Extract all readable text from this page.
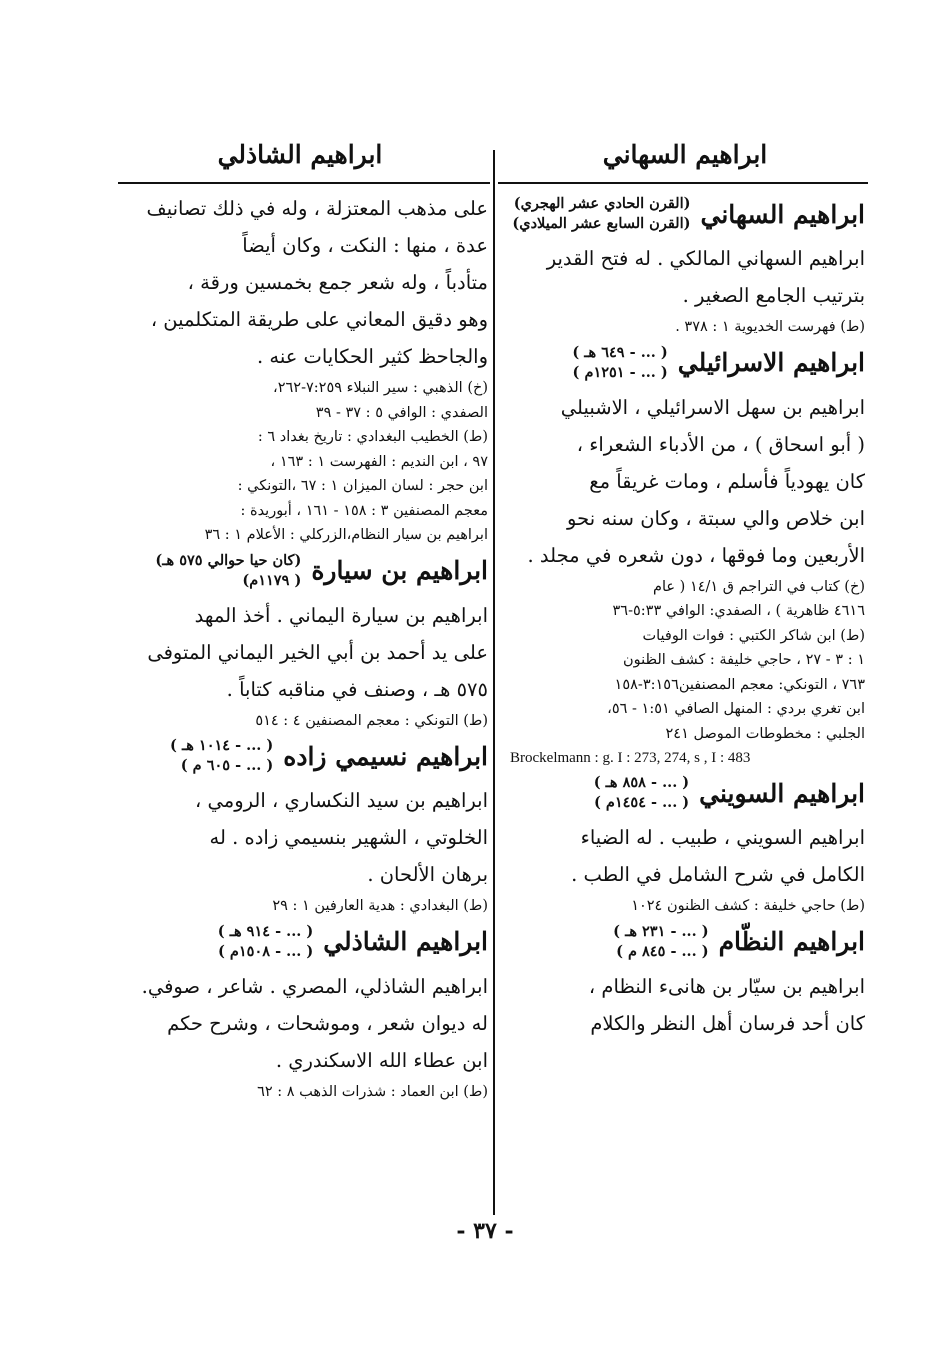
ابراهيم السهاني
ابراهيم الشاذلي
ابراهيم السهاني
(القرن الحادي عشر الهجري)
(القرن السابع عشر الميلادي)

ابراهيم السهاني المالكي . له فتح القدير

بترتيب الجامع الصغير .

(ط) فهرست الخديوية ١ : ٣٧٨ .

ابراهيم الاسرائيلي
( ... - ٦٤٩ هـ )
( ... - ١٢٥١م )

ابراهيم بن سهل الاسرائيلي ، الاشبيلي

( أبو اسحاق ) ، من الأدباء الشعراء ،

كان يهودياً فأسلم ، ومات غريقاً مع

ابن خلاص والي سبتة ، وكان سنه نحو

الأربعين وما فوقها ، دون شعره في مجلد .

(خ) كتاب في التراجم ق ١٤/١ ( عام

٤٦١٦ ظاهرية ) ، الصفدي: الوافي ٥:٣٣-٣٦

(ط) ابن شاكر الكتبي : فوات الوفيات

١ : ٣ - ٢٧ ، حاجي خليفة : كشف الظنون

٧٦٣ ، التونكي: معجم المصنفين٣:١٥٦-١٥٨

ابن تغري بردي : المنهل الصافي ١:٥١ - ٥٦،

الجلبي : مخطوطات الموصل ٢٤١

Brockelmann : g. I : 273, 274, s , I : 483

ابراهيم السويني
( ... - ٨٥٨ هـ )
( ... - ١٤٥٤م )

ابراهيم السويني ، طبيب . له الضياء

الكامل في شرح الشامل في الطب .

(ط) حاجي خليفة : كشف الظنون ١٠٢٤

ابراهيم النظّام
( ... - ٢٣١ هـ )
( ... - ٨٤٥ م )

ابراهيم بن سيّار بن هانىء النظام ،

كان أحد فرسان أهل النظر والكلام

على مذهب المعتزلة ، وله في ذلك تصانيف

عدة ، منها : النكت ، وكان أيضاً

متأدباً ، وله شعر جمع بخمسين ورقة ،

وهو دقيق المعاني على طريقة المتكلمين ،

والجاحظ كثير الحكايات عنه .

(خ) الذهبي : سير النبلاء ٧:٢٥٩-٢٦٢،

الصفدي : الوافي ٥ : ٣٧ - ٣٩

(ط) الخطيب البغدادي : تاريخ بغداد ٦ :

٩٧ ، ابن النديم : الفهرست ١ : ١٦٣ ،

ابن حجر : لسان الميزان ١ : ٦٧ ،التونكي :

معجم المصنفين ٣ : ١٥٨ - ١٦١ ، أبوريدة :

ابراهيم بن سيار النظام،الزركلي : الأعلام ١ : ٣٦

ابراهيم بن سيارة
(كان حيا حوالي ٥٧٥ هـ)
( ١١٧٩م)

ابراهيم بن سيارة اليماني . أخذ المهد

على يد أحمد بن أبي الخير اليماني المتوفى

٥٧٥ هـ ، وصنف في مناقبه كتاباً .

(ط) التونكي : معجم المصنفين ٤ : ٥١٤

ابراهيم نسيمي زاده
( ... - ١٠١٤ هـ )
( ... - ٦٠٥ م )

ابراهيم بن سيد النكساري ، الرومي ،

الخلوتي ، الشهير بنسيمي زاده . له

برهان الألحان .

(ط) البغدادي : هدية العارفين ١ : ٢٩

ابراهيم الشاذلي
( ... - ٩١٤ هـ )
( ... - ١٥٠٨م )

ابراهيم الشاذلي، المصري . شاعر ، صوفي.

له ديوان شعر ، وموشحات ، وشرح حكم

ابن عطاء الله الاسكندري .

(ط) ابن العماد : شذرات الذهب ٨ : ٦٢

- ٣٧ -
